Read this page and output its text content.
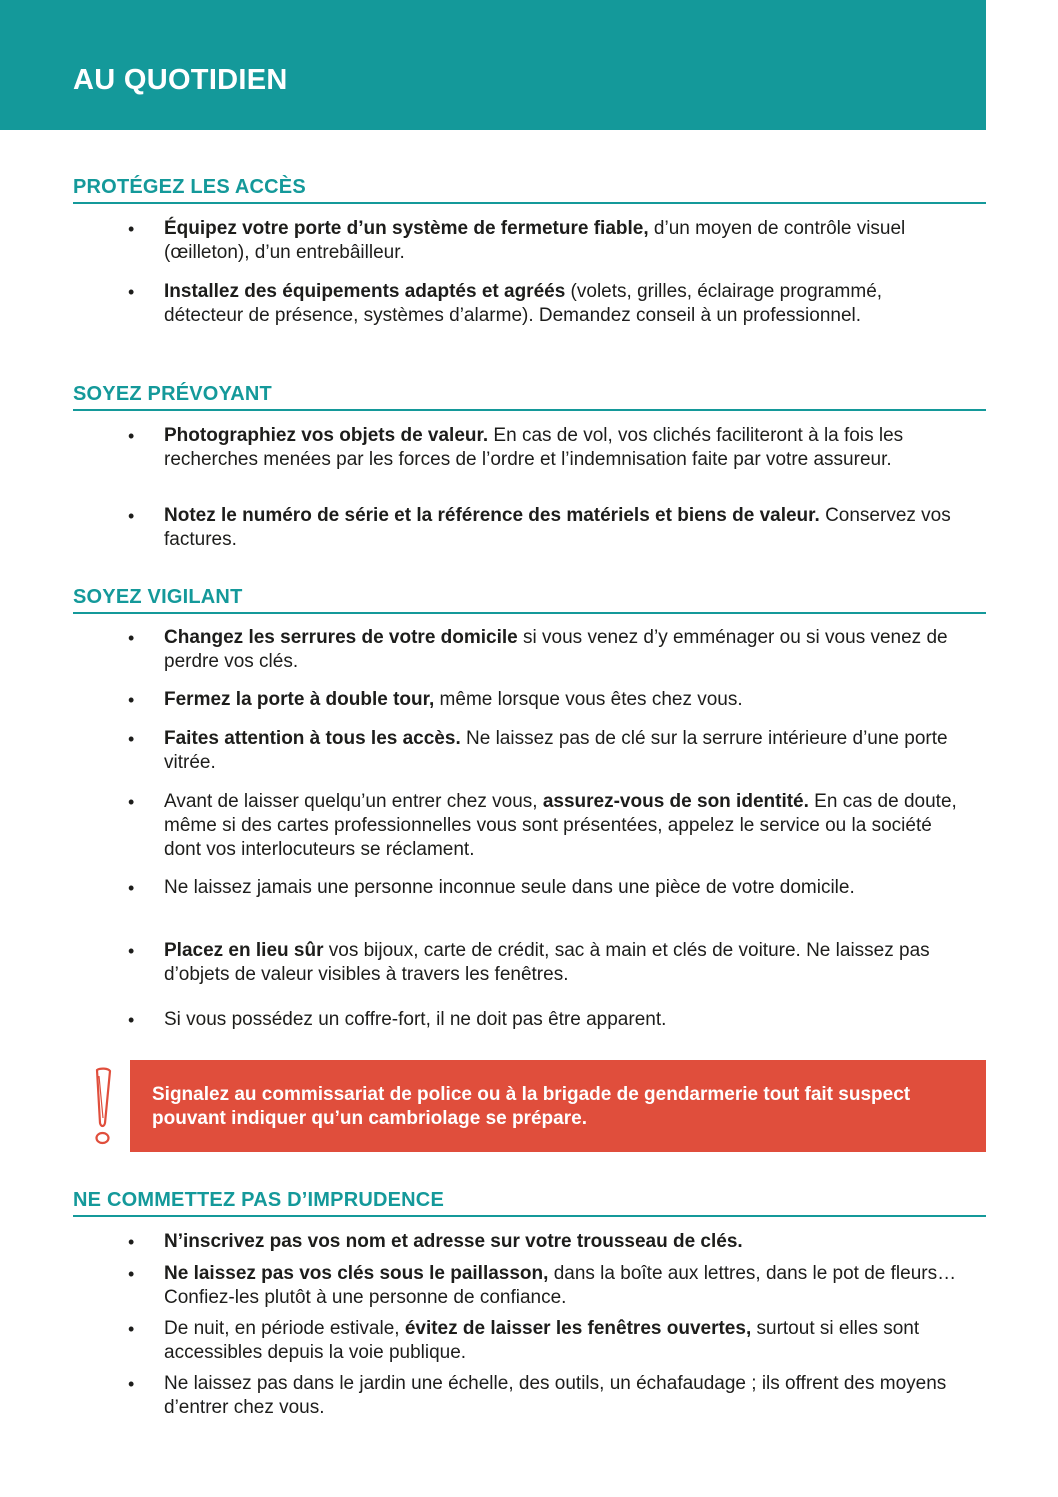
AU QUOTIDIEN
PROTÉGEZ LES ACCÈS
• Équipez votre porte d’un système de fermeture fiable, d’un moyen de contrôle visuel (œilleton), d’un entrebâilleur.
• Installez des équipements adaptés et agréés (volets, grilles, éclairage programmé, détecteur de présence, systèmes d’alarme). Demandez conseil à un professionnel.
SOYEZ PRÉVOYANT
• Photographiez vos objets de valeur. En cas de vol, vos clichés faciliteront à la fois les recherches menées par les forces de l’ordre et l’indemnisation faite par votre assureur.
• Notez le numéro de série et la référence des matériels et biens de valeur. Conservez vos factures.
SOYEZ VIGILANT
• Changez les serrures de votre domicile si vous venez d’y emménager ou si vous venez de perdre vos clés.
• Fermez la porte à double tour, même lorsque vous êtes chez vous.
• Faites attention à tous les accès. Ne laissez pas de clé sur la serrure intérieure d’une porte vitrée.
• Avant de laisser quelqu’un entrer chez vous, assurez-vous de son identité. En cas de doute, même si des cartes professionnelles vous sont présentées, appelez le service ou la société dont vos interlocuteurs se réclament.
• Ne laissez jamais une personne inconnue seule dans une pièce de votre domicile.
• Placez en lieu sûr vos bijoux, carte de crédit, sac à main et clés de voiture. Ne laissez pas d’objets de valeur visibles à travers les fenêtres.
• Si vous possédez un coffre-fort, il ne doit pas être apparent.
Signalez au commissariat de police ou à la brigade de gendarmerie tout fait suspect pouvant indiquer qu’un cambriolage se prépare.
NE COMMETTEZ PAS D’IMPRUDENCE
• N’inscrivez pas vos nom et adresse sur votre trousseau de clés.
• Ne laissez pas vos clés sous le paillasson, dans la boîte aux lettres, dans le pot de fleurs… Confiez-les plutôt à une personne de confiance.
• De nuit, en période estivale, évitez de laisser les fenêtres ouvertes, surtout si elles sont accessibles depuis la voie publique.
• Ne laissez pas dans le jardin une échelle, des outils, un échafaudage ; ils offrent des moyens d’entrer chez vous.
